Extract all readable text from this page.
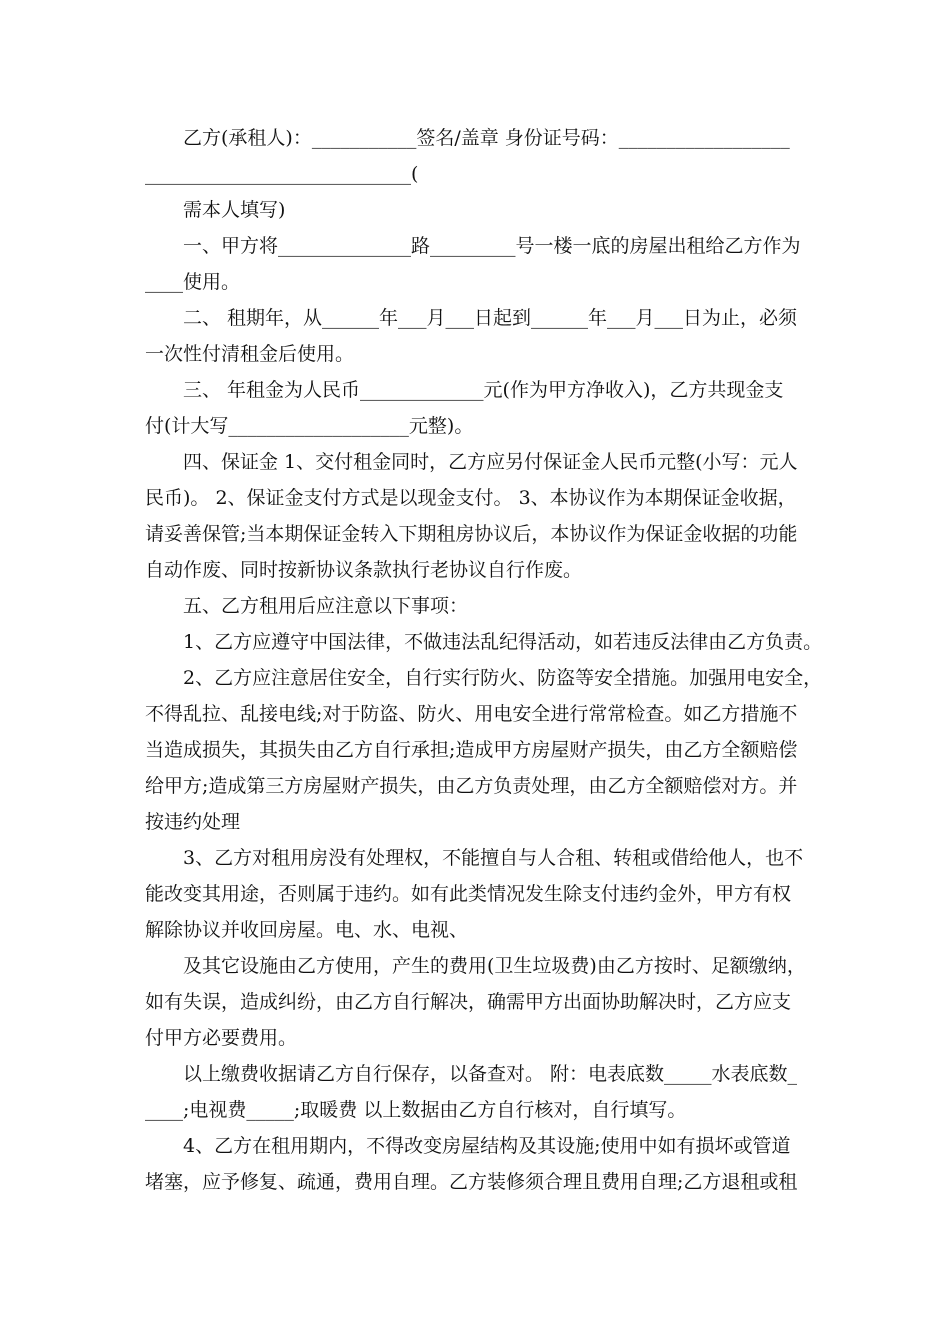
乙方(承租人)：___________签名/盖章 身份证号码：__________________
____________________________(
需本人填写)
一、甲方将______________路_________号一楼一底的房屋出租给乙方作为
____使用。
二、 租期年，从______年___月___日起到______年___月___日为止，必须
一次性付清租金后使用。
三、 年租金为人民币_____________元(作为甲方净收入)，乙方共现金支
付(计大写___________________元整)。
四、保证金 1、交付租金同时，乙方应另付保证金人民币元整(小写：元人
民币)。 2、保证金支付方式是以现金支付。 3、本协议作为本期保证金收据，
请妥善保管;当本期保证金转入下期租房协议后，本协议作为保证金收据的功能
自动作废、同时按新协议条款执行老协议自行作废。
五、乙方租用后应注意以下事项：
1、乙方应遵守中国法律，不做违法乱纪得活动，如若违反法律由乙方负责。
2、乙方应注意居住安全，自行实行防火、防盗等安全措施。加强用电安全，
不得乱拉、乱接电线;对于防盗、防火、用电安全进行常常检查。如乙方措施不
当造成损失，其损失由乙方自行承担;造成甲方房屋财产损失，由乙方全额赔偿
给甲方;造成第三方房屋财产损失，由乙方负责处理，由乙方全额赔偿对方。并
按违约处理
3、乙方对租用房没有处理权，不能擅自与人合租、转租或借给他人，也不
能改变其用途，否则属于违约。如有此类情况发生除支付违约金外，甲方有权
解除协议并收回房屋。电、水、电视、
及其它设施由乙方使用，产生的费用(卫生垃圾费)由乙方按时、足额缴纳，
如有失误，造成纠纷，由乙方自行解决，确需甲方出面协助解决时，乙方应支
付甲方必要费用。
以上缴费收据请乙方自行保存，以备查对。 附：电表底数_____水表底数_
____;电视费_____;取暖费 以上数据由乙方自行核对，自行填写。
4、乙方在租用期内，不得改变房屋结构及其设施;使用中如有损坏或管道
堵塞，应予修复、疏通，费用自理。乙方装修须合理且费用自理;乙方退租或租
